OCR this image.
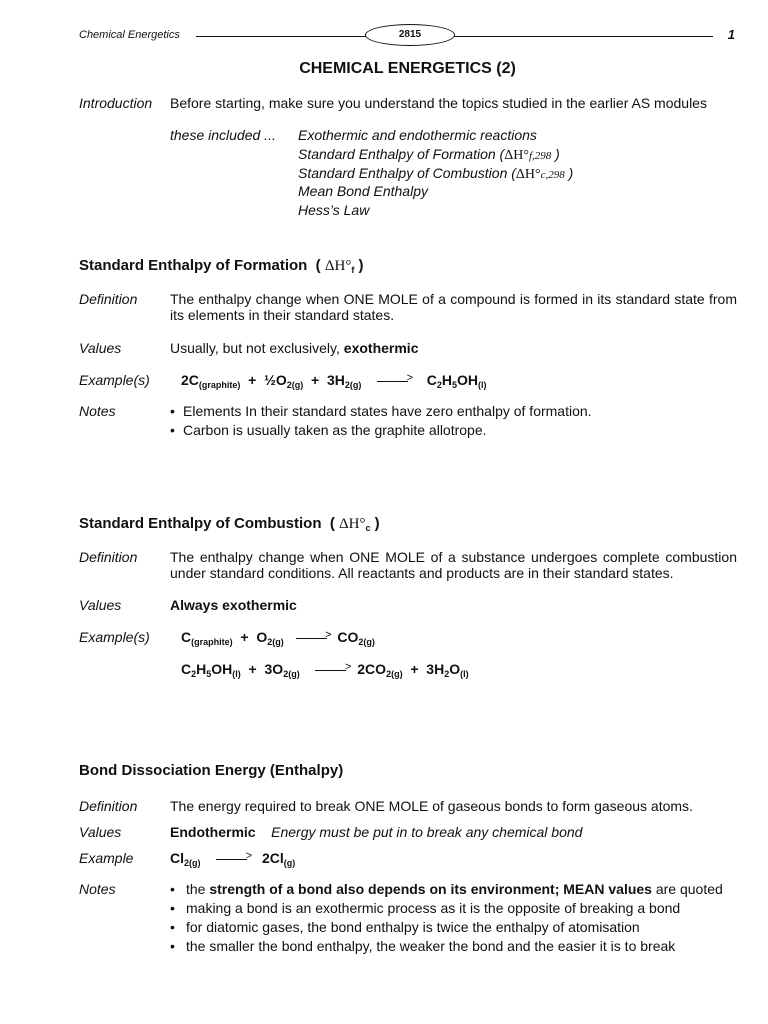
Chemical Energetics	2815	1
CHEMICAL ENERGETICS (2)
Introduction Before starting, make sure you understand the topics studied in the earlier AS modules
these included ... Exothermic and endothermic reactions
Standard Enthalpy of Formation (ΔH°f,298 )
Standard Enthalpy of Combustion (ΔH°c,298 )
Mean Bond Enthalpy
Hess’s Law
Standard Enthalpy of Formation  ( $\Delta H^\circ_f$ )
Definition The enthalpy change when ONE MOLE of a compound is formed in its standard state from its elements in their standard states.
Values	Usually, but not exclusively, exothermic
Example(s) $2C_{(graphite)}$  +  $\frac{1}{2}O_{2(g)} + 3H_{2(g)}$ >	$C_2H_5OH_{(l)}$
Notes	• Elements In their standard states have zero enthalpy of formation.
• Carbon is usually taken as the graphite allotrope.
Standard Enthalpy of Combustion  ( $\Delta H^\circ_c$ )
Definition The enthalpy change when ONE MOLE of a substance undergoes complete combustion under standard conditions. All reactants and products are in their standard states.
Values	Always exothermic
Example(s) $C_{(graphite)} + O_{2(g)}$ >	$CO_{2(g)}$
$C_2H_5OH_{(l)} + 3O_{2(g)}$ >	$2CO_{2(g)} + 3H_2O_{(l)}$
Bond Dissociation Energy (Enthalpy)
Definition The energy required to break ONE MOLE of gaseous bonds to form gaseous atoms.
Values	Endothermic Energy must be put in to break any chemical bond
Example	$Cl_{2(g)}$ >	$2Cl_{(g)}$
Notes	• the strength of a bond also depends on its environment; MEAN values are quoted
• making a bond is an exothermic process as it is the opposite of breaking a bond
• for diatomic gases, the bond enthalpy is twice the enthalpy of atomisation
• the smaller the bond enthalpy, the weaker the bond and the easier it is to break
